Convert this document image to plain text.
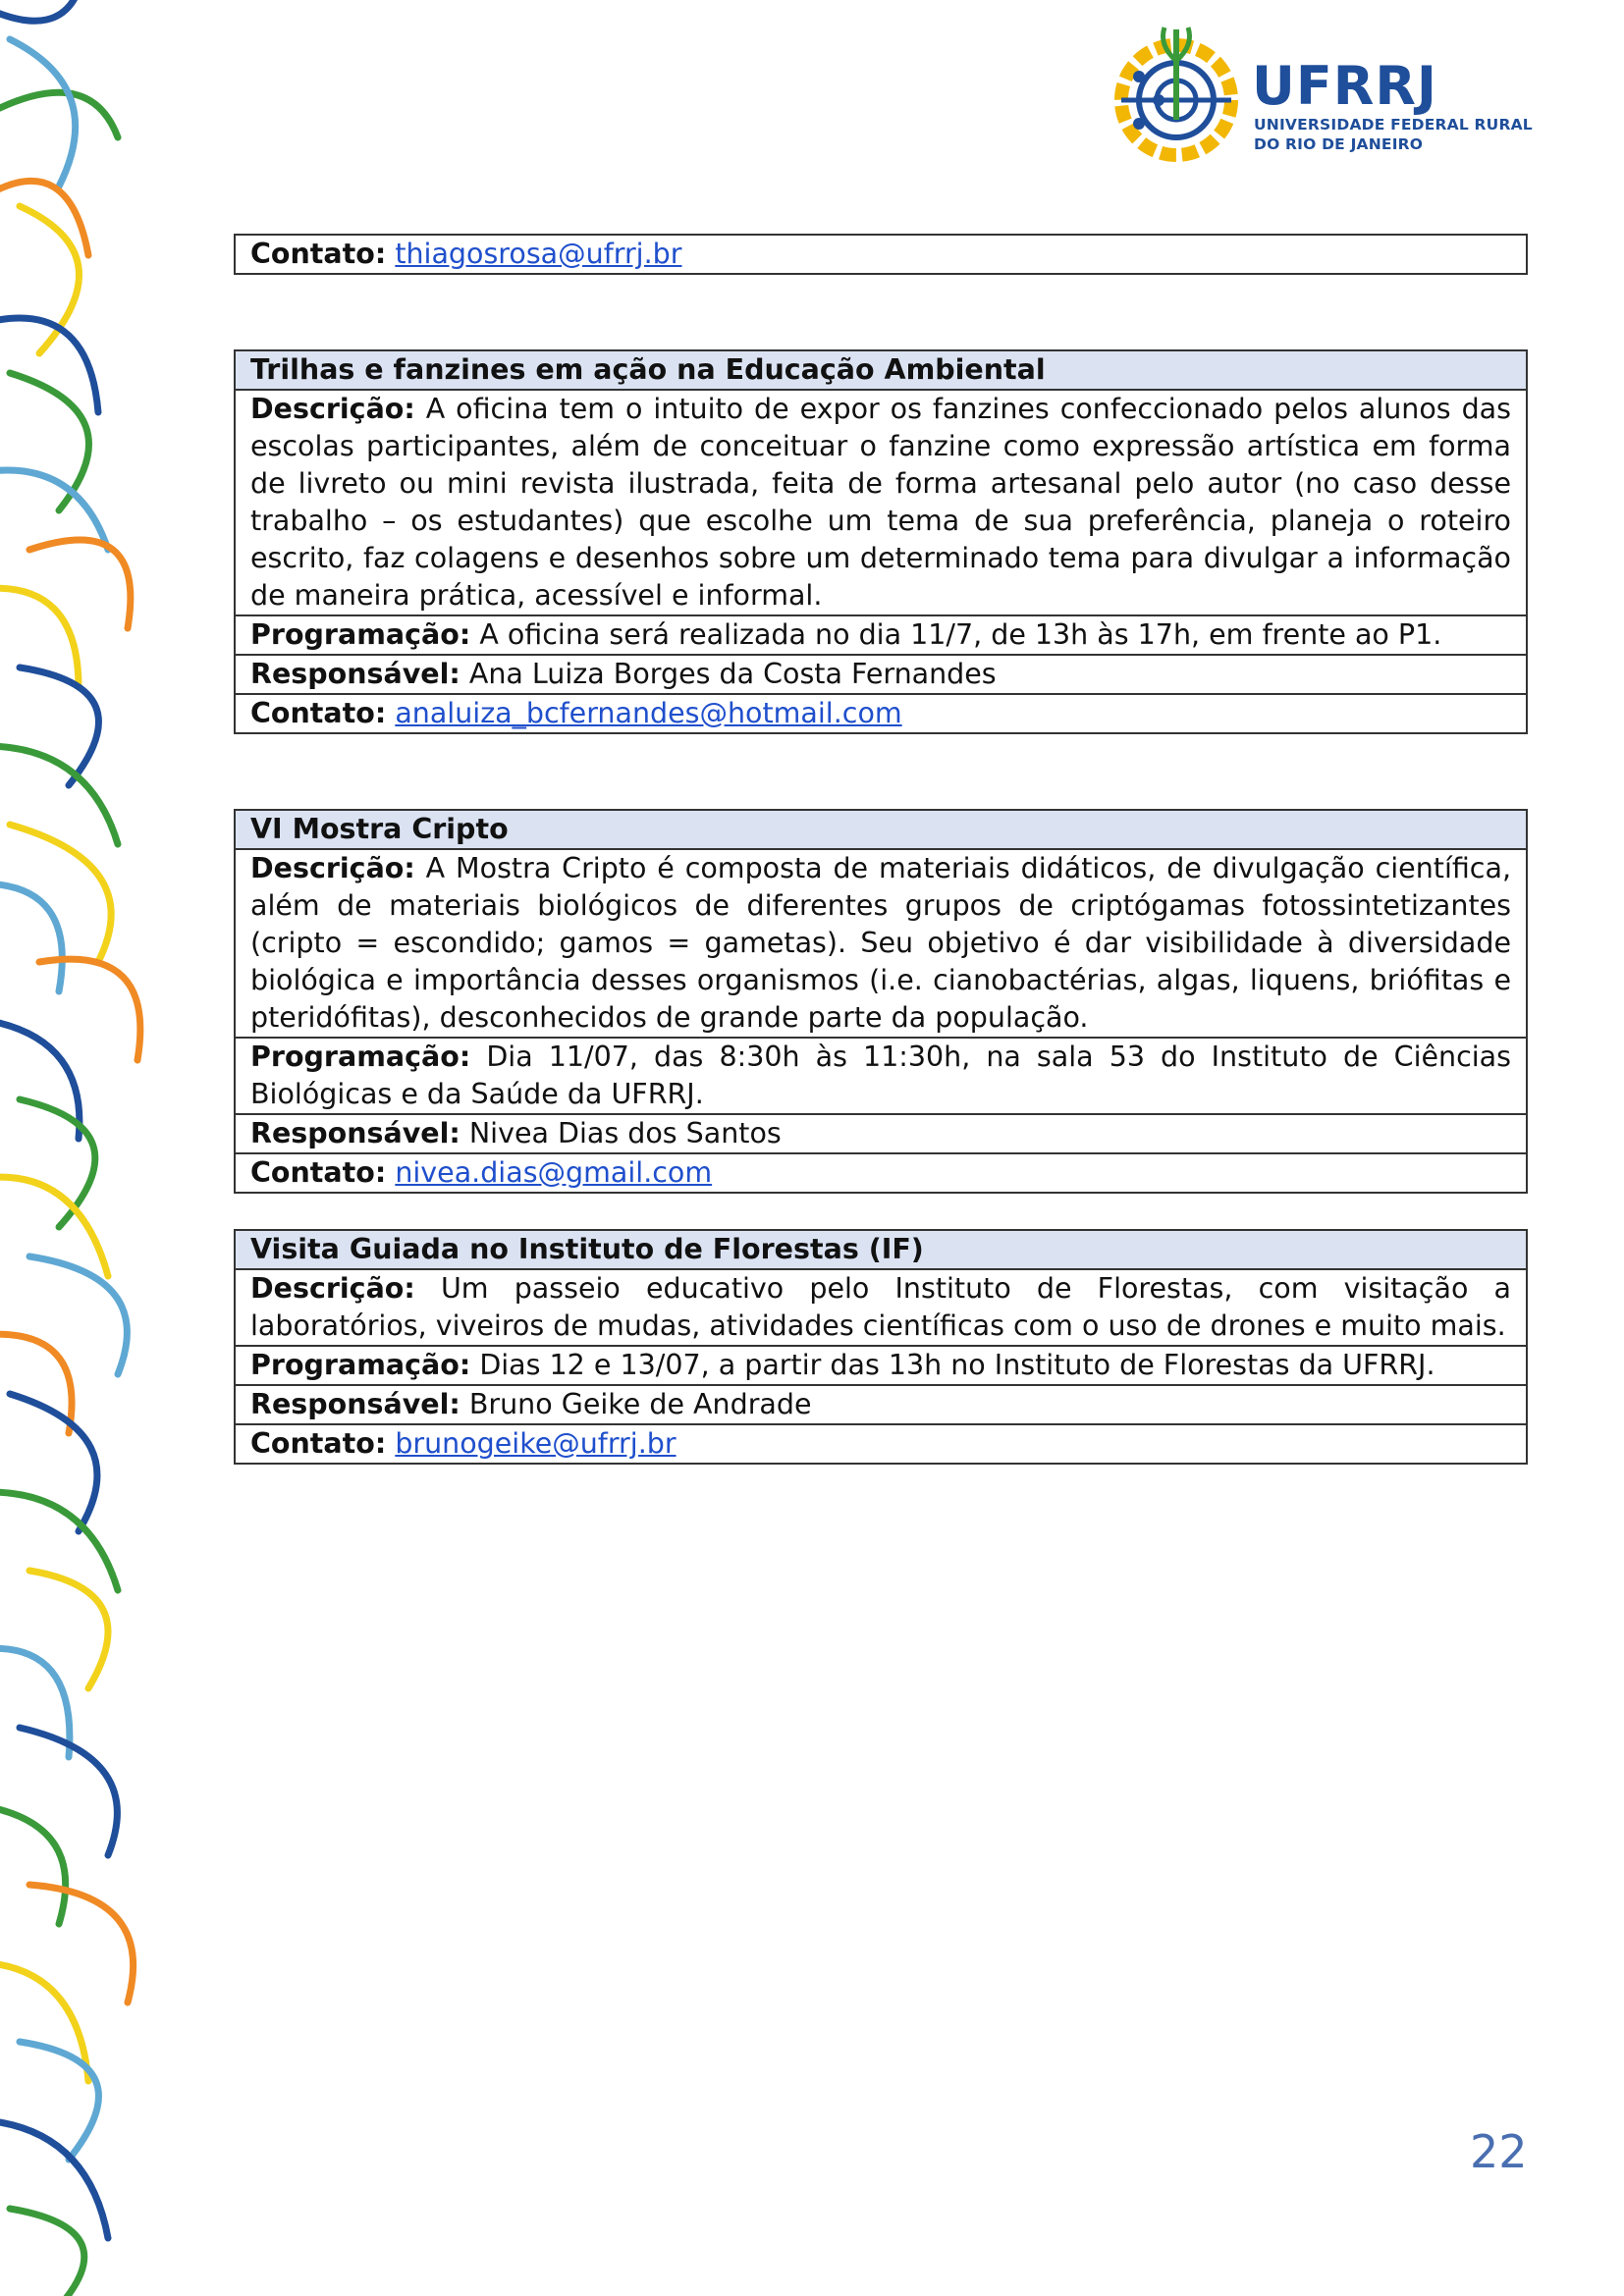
UFRRJ
UNIVERSIDADE FEDERAL RURAL
DO RIO DE JANEIRO
Contato: thiagosrosa@ufrrj.br
Trilhas e fanzines em ação na Educação Ambiental
Descrição: A oficina tem o intuito de expor os fanzines confeccionado pelos alunos das escolas participantes, além de conceituar o fanzine como expressão artística em forma de livreto ou mini revista ilustrada, feita de forma artesanal pelo autor (no caso desse trabalho – os estudantes) que escolhe um tema de sua preferência, planeja o roteiro escrito, faz colagens e desenhos sobre um determinado tema para divulgar a informação de maneira prática, acessível e informal.
Programação: A oficina será realizada no dia 11/7, de 13h às 17h, em frente ao P1.
Responsável: Ana Luiza Borges da Costa Fernandes
Contato: analuiza_bcfernandes@hotmail.com
VI Mostra Cripto
Descrição: A Mostra Cripto é composta de materiais didáticos, de divulgação científica, além de materiais biológicos de diferentes grupos de criptógamas fotossintetizantes (cripto = escondido; gamos = gametas). Seu objetivo é dar visibilidade à diversidade biológica e importância desses organismos (i.e. cianobactérias, algas, liquens, briófitas e pteridófitas), desconhecidos de grande parte da população.
Programação: Dia 11/07, das 8:30h às 11:30h, na sala 53 do Instituto de Ciências Biológicas e da Saúde da UFRRJ.
Responsável: Nivea Dias dos Santos
Contato: nivea.dias@gmail.com
Visita Guiada no Instituto de Florestas (IF)
Descrição: Um passeio educativo pelo Instituto de Florestas, com visitação a laboratórios, viveiros de mudas, atividades científicas com o uso de drones e muito mais.
Programação: Dias 12 e 13/07, a partir das 13h no Instituto de Florestas da UFRRJ.
Responsável: Bruno Geike de Andrade
Contato: brunogeike@ufrrj.br
22
